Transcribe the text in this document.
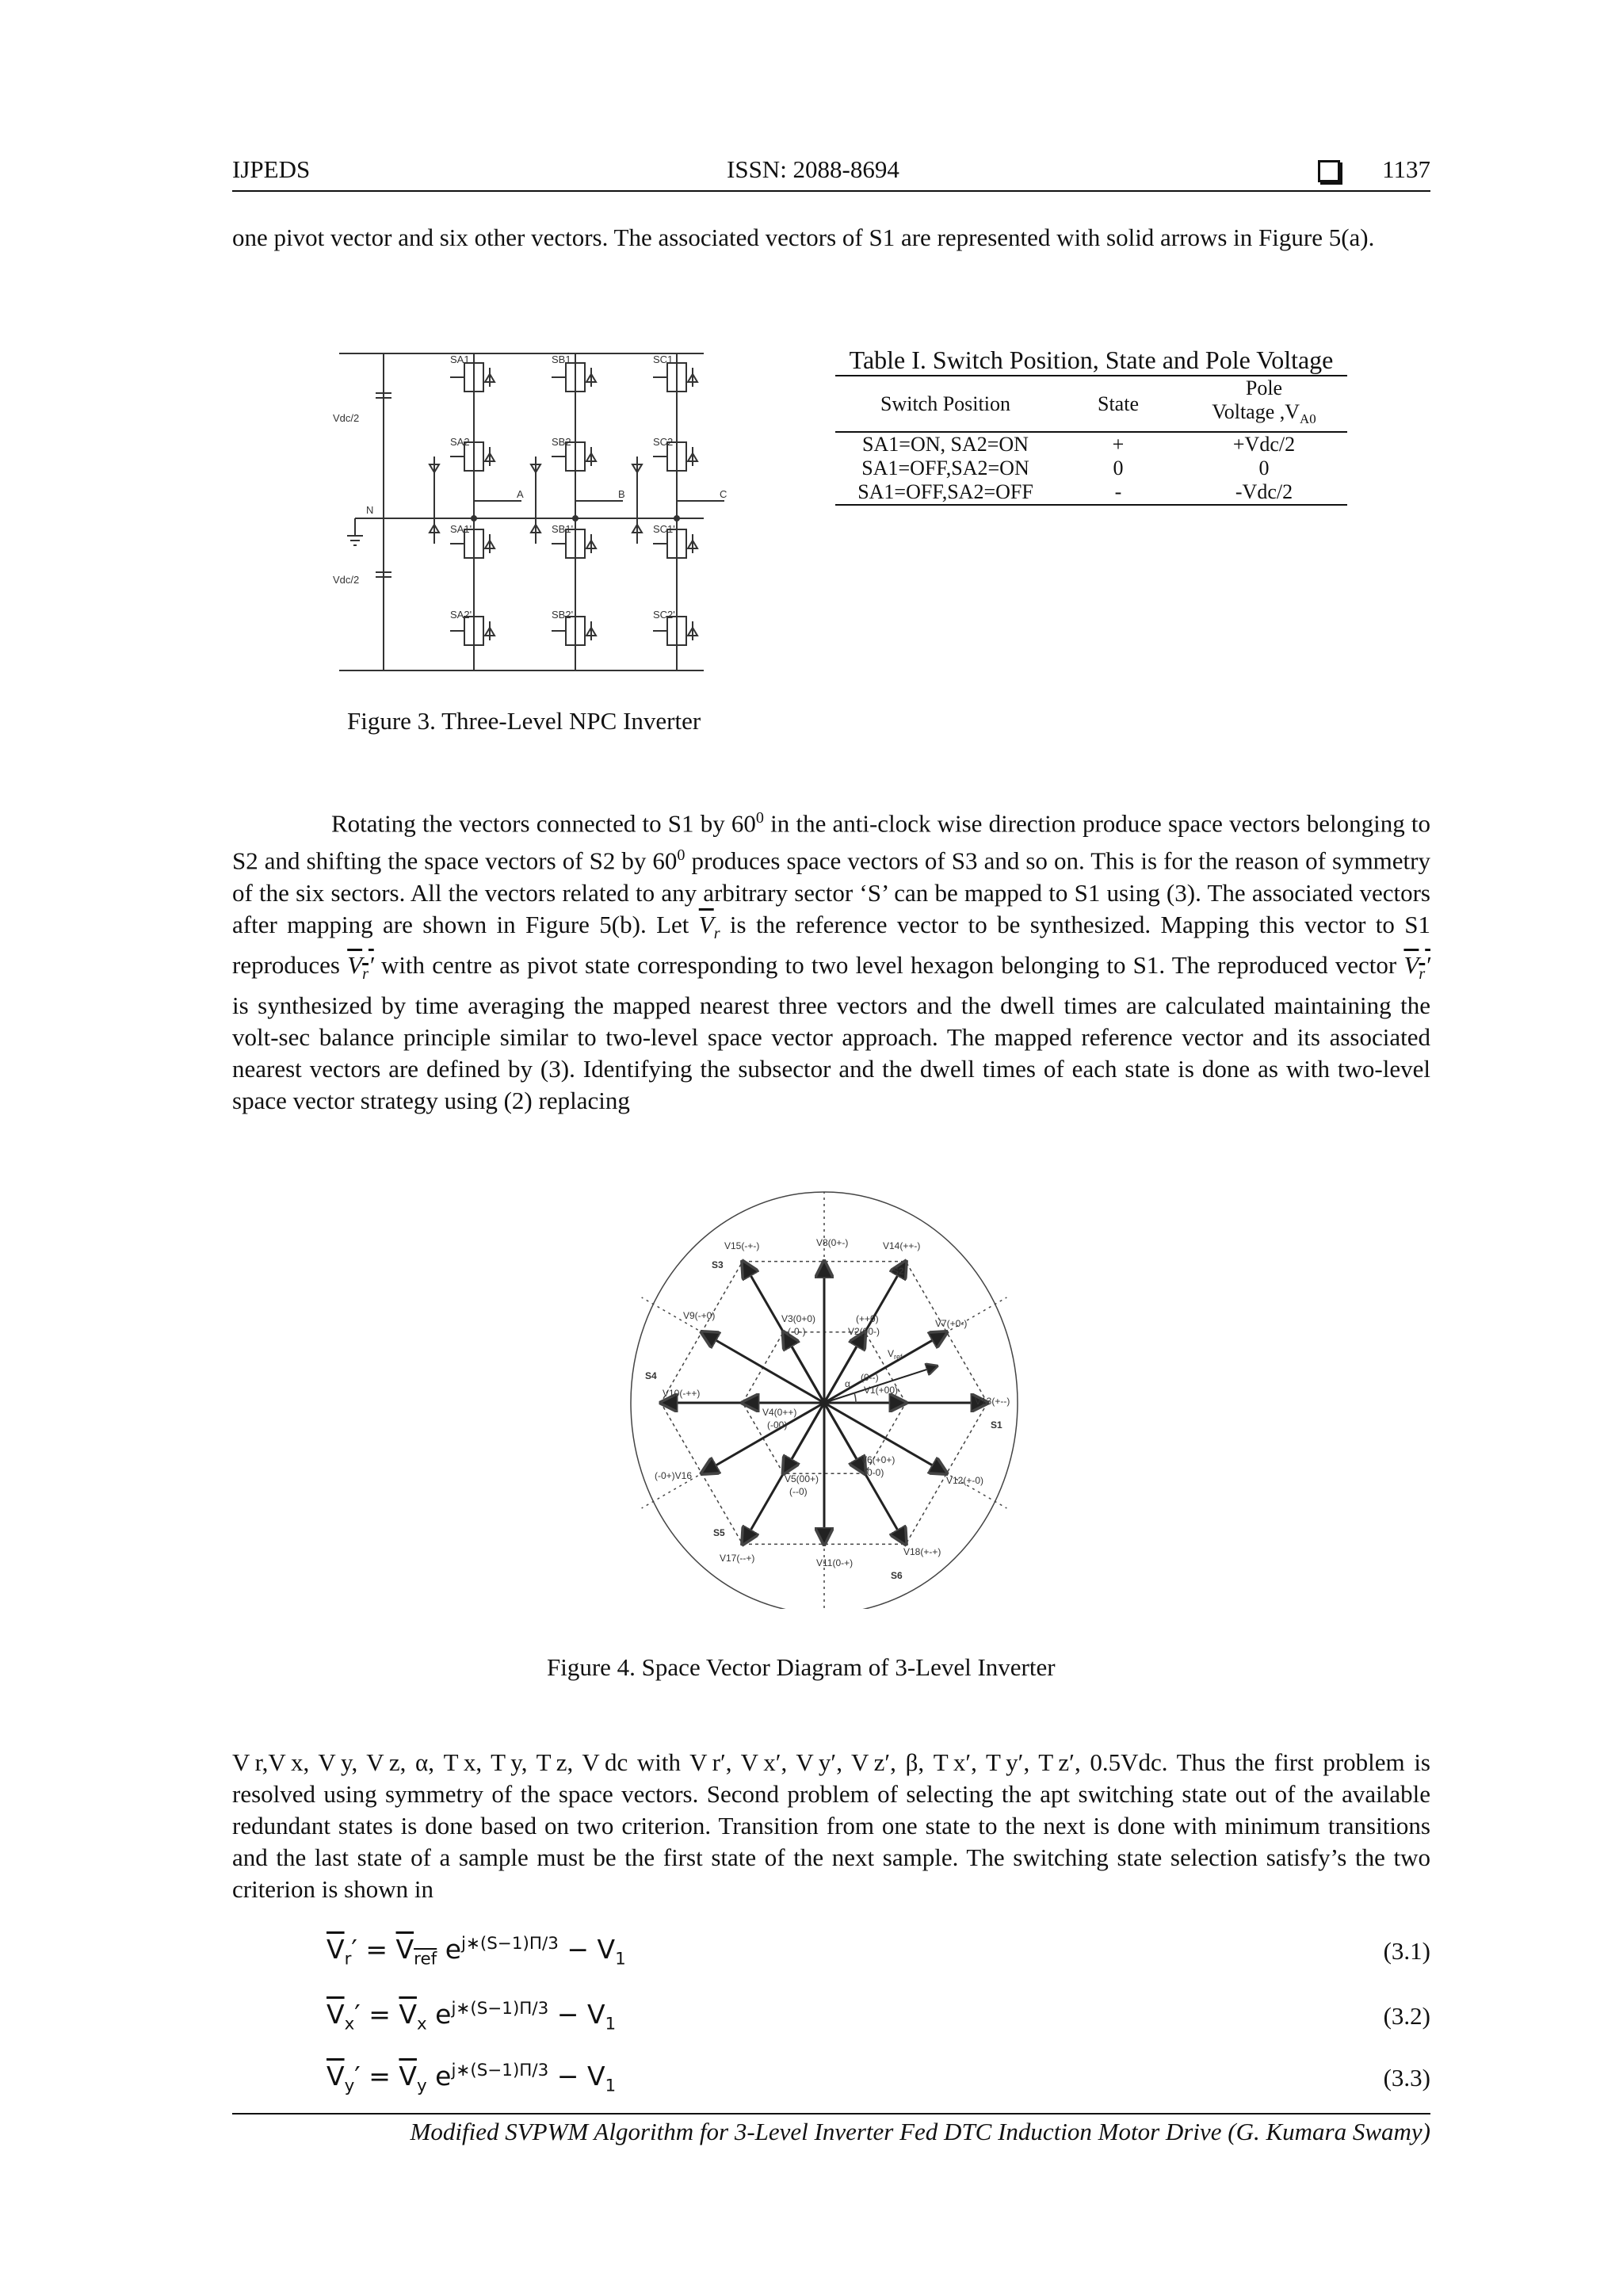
IJPEDS	ISSN: 2088-8694	1137
one pivot vector and six other vectors. The associated vectors of S1 are represented with solid arrows in Figure 5(a).
Vdc/2
Vdc/2
N
A	B	C
SA1	SB1	SC1
SA2	SB2	SC2
SA1'	SB1'	SC1'
SA2'	SB2'	SC2'
Figure 3. Three-Level NPC Inverter
Table I. Switch Position, State and Pole Voltage
Switch Position	State	Pole
Voltage $,V_{A0}$

SA1=ON, SA2=ON	+	+Vdc/2
SA1=OFF,SA2=ON	0	0
SA1=OFF,SA2=OFF	-	-Vdc/2
Rotating the vectors connected to S1 by $60^0$ in the anti-clock wise direction produce space vectors belonging to S2 and shifting the space vectors of S2 by $60^0$ produces space vectors of S3 and so on. This is for the reason of symmetry of the six sectors. All the vectors related to any arbitrary sector ‘S’ can be mapped to S1 using (3). The associated vectors after mapping are shown in Figure 5(b). Let $\overline{V}_r$ is the reference vector to be synthesized. Mapping this vector to S1 reproduces $V_r'$ with centre as pivot state corresponding to two level hexagon belonging to S1. The reproduced vector $V_r'$ is synthesized by time averaging the mapped nearest three vectors and the dwell times are calculated maintaining the volt-sec balance principle similar to two-level space vector approach. The mapped reference vector and its associated nearest vectors are defined by (3). Identifying the subsector and the dwell times of each state is done as with two-level space vector strategy using (2) replacing
S2
S3
S4
S5
S6
S1
V15(-+-)	V8(0+-)	V14(++-)
V9(-+0)
V7(+0-)
V10(-++)
V13(+--)
(-0+)V16	V12(+-0)
V17(--+)	V11(0-+)
V18(+-+)
V3(0+0)
(-0-)
(++0)
V2(00-)
V1(+00)
(0--)
V4(0++)
(-00)
V5(00+)
(--0)
V6(+0+)
(0-0)
$V_{ref}$
α
Figure 4. Space Vector Diagram of 3-Level Inverter
V r,V x, V y, V z, α, T x, T y, T z, V dc with V r′, V x′, V y′, V z′, β, T x′, T y′, T z′, 0.5Vdc. Thus the first problem is resolved using symmetry of the space vectors. Second problem of selecting the apt switching state out of the available redundant states is done based on two criterion. Transition from one state to the next is done with minimum transitions and the last state of a sample must be the first state of the next sample. The switching state selection satisfy’s the two criterion is shown in
$\overline{V}_r' = \overline{V}_{\overline{ref}}$ $e^{j∗(S-1)\Pi/3} - V_1$	(3.1)
$\overline{V}_x' = \overline{V}_x$ $e^{j∗(S-1)\Pi/3} - V_1$	(3.2)
$\overline{V}_y' = \overline{V}_y$ $e^{j∗(S-1)\Pi/3} - V_1$	(3.3)
Modified SVPWM Algorithm for 3-Level Inverter Fed DTC Induction Motor Drive (G. Kumara Swamy)
